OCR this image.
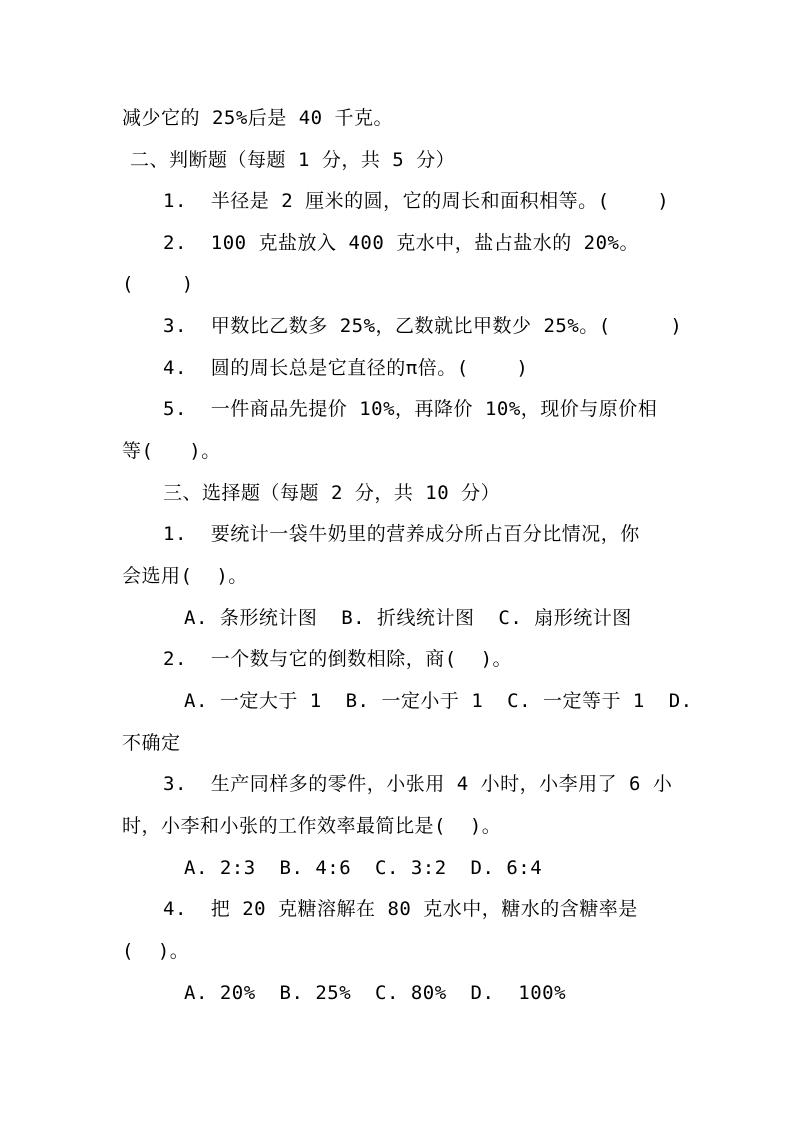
减少它的 25%后是 40 千克。
二、判断题（每题 1 分，共 5 分）
1.  半径是 2 厘米的圆，它的周长和面积相等。(    )
2.  100 克盐放入 400 克水中，盐占盐水的 20%。
(    )
3.  甲数比乙数多 25%，乙数就比甲数少 25%。(     )
4.  圆的周长总是它直径的π倍。(    )
5.  一件商品先提价 10%，再降价 10%，现价与原价相
等(   )。
三、选择题（每题 2 分，共 10 分）
1.  要统计一袋牛奶里的营养成分所占百分比情况，你
会选用(  )。
A. 条形统计图  B. 折线统计图  C. 扇形统计图
2.  一个数与它的倒数相除，商(  )。
A. 一定大于 1  B. 一定小于 1  C. 一定等于 1  D.
不确定
3.  生产同样多的零件，小张用 4 小时，小李用了 6 小
时，小李和小张的工作效率最简比是(  )。
A. 2:3  B. 4:6  C. 3:2  D. 6:4
4.  把 20 克糖溶解在 80 克水中，糖水的含糖率是
(  )。
A. 20%  B. 25%  C. 80%  D.  100%
